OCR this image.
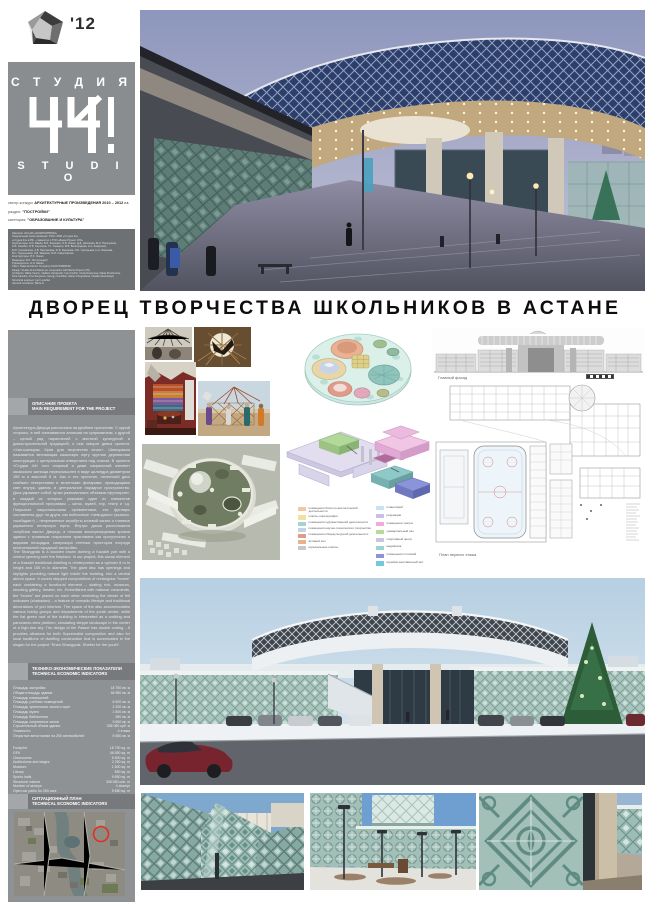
'12
С Т У Д И Я
S T U D I O
смотр-конкурс АРХИТЕКТУРНЫЕ ПРОИЗВЕДЕНИЯ 2010 – 2012 г.г.
раздел: "ПОСТРОЙКИ"
категория: "ОБРАЗОВАНИЕ И КУЛЬТУРА"
Заказчик: АО НАК «КАЗАТОМПРОМ»
Генеральный проектировщик: ООО «ПИК «Студия 44»
«Студия 44» в РФ – совместно с ТОО «Базис-Проект LTD»
Архитекторы: Н.И. Явейн, В.И. Зенкевич, И.В. Кожин, Д.Д. Насонова, М.Н. Прошунина,
Н.В. Сазейко, И.В. Сергеева, Г.С. Снежкин, М.В. Виноградова, Н.А. Зазерская,
Е.Ю. Коновалова, А.В. Патрикеева, Ж.В. Разумова, И.Е. Григорьева, Н.А. Ивашова,
В.С. Терешенков, Н.В. Яковлев, М.И. Комиссарова
Конструкторы: И.Л. Ляшко
Инженеры: В.Л. Полторацкий
Руководитель: Н.И. Явейн
Client: National Atomic Company KAZATOMPROM
Design: Studio 44 Architects (in cooperation with Bazis-Project LTD)
Architects: Nikita Yavein, Vladimir Zenkevich, Ivan Kozhin, Daria Nasonova, Maria Proshunina,
Nina Sazeiko, Irina Sergeeva, Georgy Snezhkin, Maria Vinogradova, Natalia Zazerskaya
Structural engineer: Igor Lyashko
General contractor: Bazis-A
ДВОРЕЦ ТВОРЧЕСТВА ШКОЛЬНИКОВ В АСТАНЕ
ОПИСАНИЕ ПРОЕКТА
MAIN REQUIREMENT FOR THE PROJECT
Архитектура Дворца рассчитана на двойное прочтение. С одной стороны, в ней считываются аллюзии на супрематизм, с другой – целый ряд параллелей с местной культурной и домостроительной традицией, о чем говорит девиз проекта: «Хан-шанырак. Кров для творчества юных». Шаныраком называется венчающая казахскую юрту круглая деревянная конструкция с центральным отверстием над очагом. В проекте «Студии 44» этот опорный и даже сакральный элемент казахского жилища переосмыслен в виде цилиндра диаметром 156 м и высотой 8 м. Как и его прототип, гигантский диск снабжен отверстиями и зенитными фонарями, проводящими свет внутрь здания, в центральное парадное пространство. Диск укрывает собой пучки разновеликих объемов-«футляров», в каждый из которых упакован один из элементов функциональной программы – каток, музей, тир, театр и т.д. Покрытые национальными орнаментами, эти футляры составлены друг на друга, как войлочные «чемоданы» (казахск. «шабадан») – непременные атрибуты кочевой жизни и главные украшения интерьера юрты. Внутри диска расположена «клубная часть» Дворца, а плоская эксплуатируемая кровля здания с травяным покрытием трактована как прогулочная и видовая площадка, симуляция степных просторов посреди многоэтажной городской застройки.
The Shangyrak is a wooden crown doming a Kazakh yurt with a central opening over the fireplace. In our project, this sacral element of a Kazakh traditional dwelling is reinterpreted as a cylinder 8 m in height and 156 m in diameter. The giant disc has openings and skylights providing natural light inside the building, into a central atrium space. It covers stepped compositions of rectangular "boxes" each containing a functional element – skating rink, museum, shooting gallery, theater, etc. Embellished with national ornaments, the "boxes" are placed on each other reminding the viewer of felt suitcases (shabadan) – a feature of nomadic lifestyle and traditional decorations of yurt interiors. The space of the disc accommodates various hobby groups and departments of the youth centre, while the flat green roof of the building is interpreted as a walking and panoramic-view platform, simulating steppe landscape in the center of a high-rise city. The design of the Palace has double coding – it provides allusions for both Suprematist composition and also for local traditions of dwelling construction that is accentuated in the slogan for the project "Khan Shangyrak. Shelter for the youth".
ТЕХНИКО-ЭКОНОМИЧЕСКИЕ ПОКАЗАТЕЛИ
TECHNICAL ECONOMIC INDICATORS
Площадь застройки	18 750 кв. м
Общая площадь здания	46 550 кв. м
Площадь помещений:
Площадь учебных помещений	6 500 кв. м
Площадь зрительных залов и сцен	2 250 кв. м
Площадь музея	1 800 кв. м
Площадь библиотеки	550 кв. м
Площадь спортивных залов	9 650 кв. м
Строительный объем здания	338 080 куб. м
Этажность	4 этажа
Открытые автостоянки на 250 автомобилей	5 680 кв. м
Footprint	18 750 sq. m
GFA	46 550 sq. m
Classrooms	6 500 sq. m
Auditoriums and stages	2 250 sq. m
Museum	1 800 sq. m
Library	550 sq. m
Sports halls	9 650 sq. m
Structural volume	338 080 cub. m
Number of storeys	4 storeys
Open car parks for 250 cars	5 680 sq. m
СИТУАЦИОННЫЙ ПЛАН
TECHNICAL ECONOMIC INDICATORS
помещения биолого-экологической деятельности
классы хореографии
помещения художественной деятельности
помещения научно-технического творчества
помещения общекультурной деятельности
актовый зал
музыкальные классы
планетарий
рекреации
помещения театра
универсальный зал
спортивный центр
медиатека
помещения столовой
музейно-выставочный зал
Главный фасад
План первого этажа
